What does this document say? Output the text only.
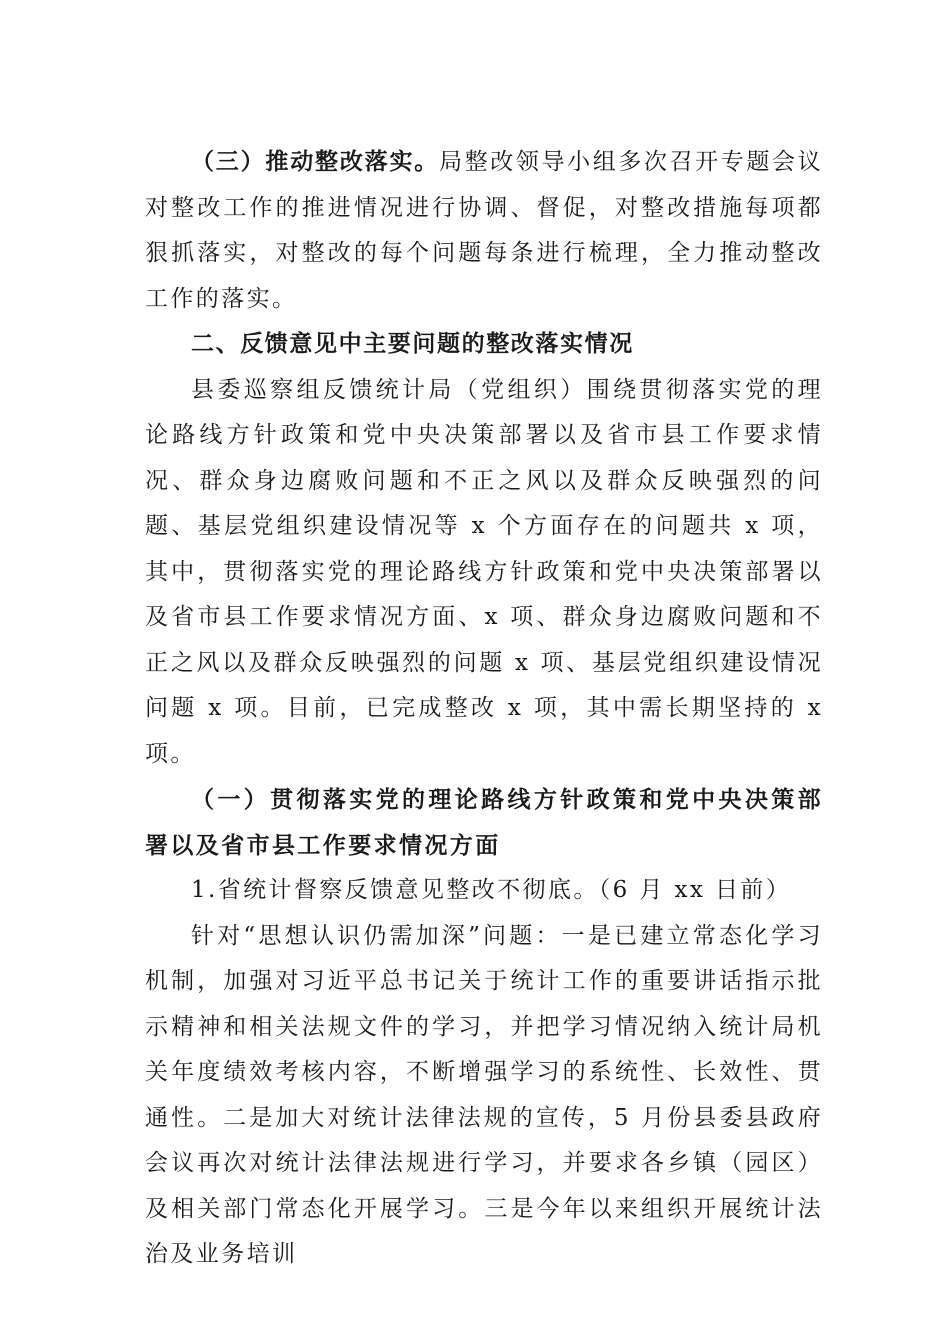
（三）推动整改落实。局整改领导小组多次召开专题会议对整改工作的推进情况进行协调、督促，对整改措施每项都狠抓落实，对整改的每个问题每条进行梳理，全力推动整改工作的落实。

二、反馈意见中主要问题的整改落实情况

县委巡察组反馈统计局（党组织）围绕贯彻落实党的理论路线方针政策和党中央决策部署以及省市县工作要求情况、群众身边腐败问题和不正之风以及群众反映强烈的问题、基层党组织建设情况等 x 个方面存在的问题共 x 项，其中，贯彻落实党的理论路线方针政策和党中央决策部署以及省市县工作要求情况方面、x 项、群众身边腐败问题和不正之风以及群众反映强烈的问题 x 项、基层党组织建设情况问题 x 项。目前，已完成整改 x 项，其中需长期坚持的 x 项。

（一）贯彻落实党的理论路线方针政策和党中央决策部署以及省市县工作要求情况方面

1.省统计督察反馈意见整改不彻底。（6 月 xx 日前）

针对“思想认识仍需加深”问题：一是已建立常态化学习机制，加强对习近平总书记关于统计工作的重要讲话指示批示精神和相关法规文件的学习，并把学习情况纳入统计局机关年度绩效考核内容，不断增强学习的系统性、长效性、贯通性。二是加大对统计法律法规的宣传，5 月份县委县政府会议再次对统计法律法规进行学习，并要求各乡镇（园区）及相关部门常态化开展学习。三是今年以来组织开展统计法治及业务培训
